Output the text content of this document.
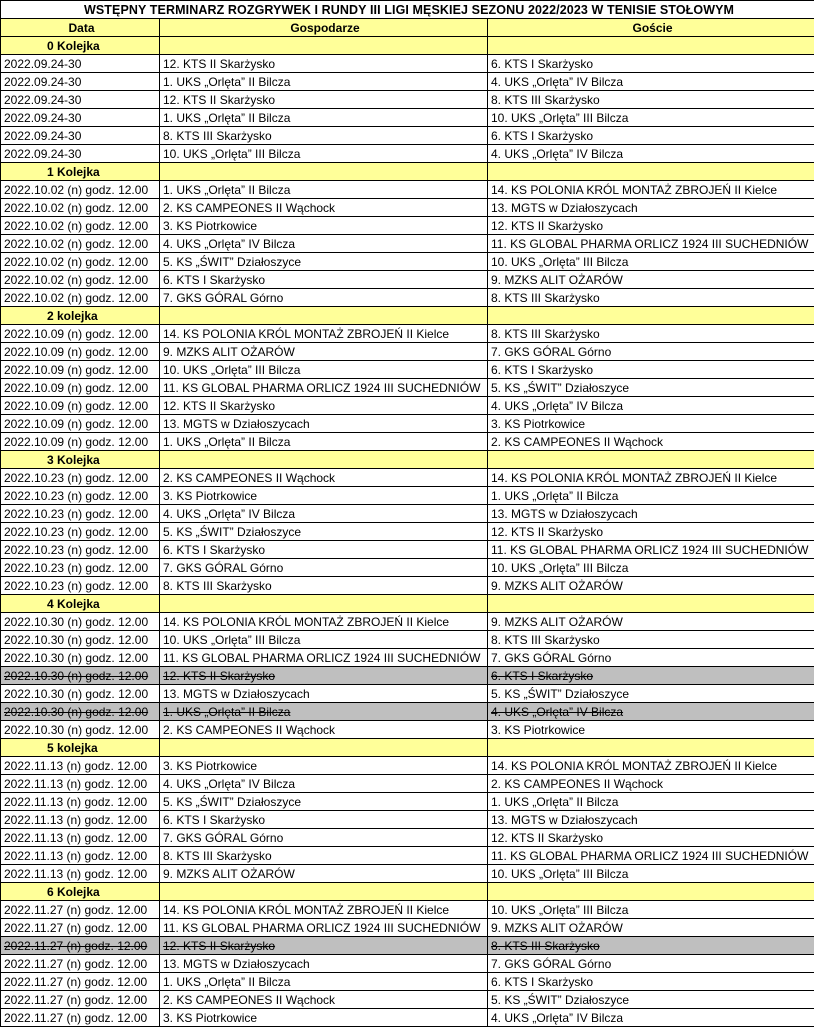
WSTĘPNY TERMINARZ ROZGRYWEK I RUNDY III LIGI MĘSKIEJ SEZONU 2022/2023 W TENISIE STOŁOWYM		
Data	Gospodarze	Goście
0 Kolejka		
2022.09.24-30	12. KTS II Skarżysko	6. KTS I Skarżysko
2022.09.24-30	1. UKS „Orlęta” II Bilcza	4. UKS „Orlęta” IV Bilcza
2022.09.24-30	12. KTS II Skarżysko	8. KTS III Skarżysko
2022.09.24-30	1. UKS „Orlęta” II Bilcza	10. UKS „Orlęta” III Bilcza
2022.09.24-30	8. KTS III Skarżysko	6. KTS I Skarżysko
2022.09.24-30	10. UKS „Orlęta” III Bilcza	4. UKS „Orlęta” IV Bilcza
1 Kolejka		
2022.10.02 (n) godz. 12.00	1. UKS „Orlęta” II Bilcza	14. KS POLONIA KRÓL MONTAŻ ZBROJEŃ II Kielce
2022.10.02 (n) godz. 12.00	2. KS CAMPEONES II Wąchock	13. MGTS w Działoszycach
2022.10.02 (n) godz. 12.00	3. KS Piotrkowice	12. KTS II Skarżysko
2022.10.02 (n) godz. 12.00	4. UKS „Orlęta” IV Bilcza	11. KS GLOBAL PHARMA ORLICZ 1924 III SUCHEDNIÓW
2022.10.02 (n) godz. 12.00	5. KS „ŚWIT” Działoszyce	10. UKS „Orlęta” III Bilcza
2022.10.02 (n) godz. 12.00	6. KTS I Skarżysko	9. MZKS ALIT OŻARÓW
2022.10.02 (n) godz. 12.00	7. GKS GÓRAL Górno	8. KTS III Skarżysko
2 kolejka		
2022.10.09 (n) godz. 12.00	14. KS POLONIA KRÓL MONTAŻ ZBROJEŃ II Kielce	8. KTS III Skarżysko
2022.10.09 (n) godz. 12.00	9. MZKS ALIT OŻARÓW	7. GKS GÓRAL Górno
2022.10.09 (n) godz. 12.00	10. UKS „Orlęta” III Bilcza	6. KTS I Skarżysko
2022.10.09 (n) godz. 12.00	11. KS GLOBAL PHARMA ORLICZ 1924 III SUCHEDNIÓW	5. KS „ŚWIT” Działoszyce
2022.10.09 (n) godz. 12.00	12. KTS II Skarżysko	4. UKS „Orlęta” IV Bilcza
2022.10.09 (n) godz. 12.00	13. MGTS w Działoszycach	3. KS Piotrkowice
2022.10.09 (n) godz. 12.00	1. UKS „Orlęta” II Bilcza	2. KS CAMPEONES II Wąchock
3 Kolejka		
2022.10.23 (n) godz. 12.00	2. KS CAMPEONES II Wąchock	14. KS POLONIA KRÓL MONTAŻ ZBROJEŃ II Kielce
2022.10.23 (n) godz. 12.00	3. KS Piotrkowice	1. UKS „Orlęta” II Bilcza
2022.10.23 (n) godz. 12.00	4. UKS „Orlęta” IV Bilcza	13. MGTS w Działoszycach
2022.10.23 (n) godz. 12.00	5. KS „ŚWIT” Działoszyce	12. KTS II Skarżysko
2022.10.23 (n) godz. 12.00	6. KTS I Skarżysko	11. KS GLOBAL PHARMA ORLICZ 1924 III SUCHEDNIÓW
2022.10.23 (n) godz. 12.00	7. GKS GÓRAL Górno	10. UKS „Orlęta” III Bilcza
2022.10.23 (n) godz. 12.00	8. KTS III Skarżysko	9. MZKS ALIT OŻARÓW
4 Kolejka		
2022.10.30 (n) godz. 12.00	14. KS POLONIA KRÓL MONTAŻ ZBROJEŃ II Kielce	9. MZKS ALIT OŻARÓW
2022.10.30 (n) godz. 12.00	10. UKS „Orlęta” III Bilcza	8. KTS III Skarżysko
2022.10.30 (n) godz. 12.00	11. KS GLOBAL PHARMA ORLICZ 1924 III SUCHEDNIÓW	7. GKS GÓRAL Górno
2022.10.30 (n) godz. 12.00	12. KTS II Skarżysko	6. KTS I Skarżysko
2022.10.30 (n) godz. 12.00	13. MGTS w Działoszycach	5. KS „ŚWIT” Działoszyce
2022.10.30 (n) godz. 12.00	1. UKS „Orlęta” II Bilcza	4. UKS „Orlęta” IV Bilcza
2022.10.30 (n) godz. 12.00	2. KS CAMPEONES II Wąchock	3. KS Piotrkowice
5 kolejka		
2022.11.13 (n) godz. 12.00	3. KS Piotrkowice	14. KS POLONIA KRÓL MONTAŻ ZBROJEŃ II Kielce
2022.11.13 (n) godz. 12.00	4. UKS „Orlęta” IV Bilcza	2. KS CAMPEONES II Wąchock
2022.11.13 (n) godz. 12.00	5. KS „ŚWIT” Działoszyce	1. UKS „Orlęta” II Bilcza
2022.11.13 (n) godz. 12.00	6. KTS I Skarżysko	13. MGTS w Działoszycach
2022.11.13 (n) godz. 12.00	7. GKS GÓRAL Górno	12. KTS II Skarżysko
2022.11.13 (n) godz. 12.00	8. KTS III Skarżysko	11. KS GLOBAL PHARMA ORLICZ 1924 III SUCHEDNIÓW
2022.11.13 (n) godz. 12.00	9. MZKS ALIT OŻARÓW	10. UKS „Orlęta” III Bilcza
6 Kolejka		
2022.11.27 (n) godz. 12.00	14. KS POLONIA KRÓL MONTAŻ ZBROJEŃ II Kielce	10. UKS „Orlęta” III Bilcza
2022.11.27 (n) godz. 12.00	11. KS GLOBAL PHARMA ORLICZ 1924 III SUCHEDNIÓW	9. MZKS ALIT OŻARÓW
2022.11.27 (n) godz. 12.00	12. KTS II Skarżysko	8. KTS III Skarżysko
2022.11.27 (n) godz. 12.00	13. MGTS w Działoszycach	7. GKS GÓRAL Górno
2022.11.27 (n) godz. 12.00	1. UKS „Orlęta” II Bilcza	6. KTS I Skarżysko
2022.11.27 (n) godz. 12.00	2. KS CAMPEONES II Wąchock	5. KS „ŚWIT” Działoszyce
2022.11.27 (n) godz. 12.00	3. KS Piotrkowice	4. UKS „Orlęta” IV Bilcza
